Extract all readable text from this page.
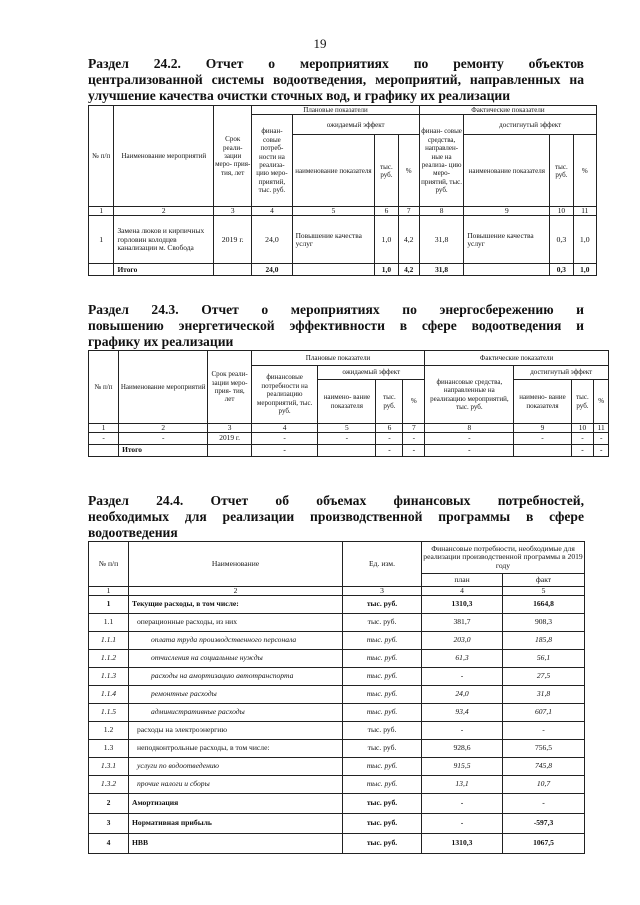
19
Раздел 24.2. Отчет о мероприятиях по ремонту объектов
централизованной системы водоотведения, мероприятий, направленных на
улучшение качества очистки сточных вод, и графику их реализации
№ п/п	Наименование мероприятий	Срок реали- зации меро- прия- тия, лет	Плановые показатели				Фактические показатели			
			финан- совые потреб- ности на реализа- цию меро- приятий, тыс. руб.	ожидаемый эффект			финан- совые средства, направлен- ные на реализа- цию меро- приятий, тыс. руб.	достигнутый эффект		
				наименование показателя	тыс. руб.	%		наименование показателя	тыс. руб.	%
1	2	3	4	5	6	7	8	9	10	11
1	Замена люков и кирпичных горловин колодцев канализации м. Свобода	2019 г.	24,0	Повышение качества услуг	1,0	4,2	31,8	Повышение качества услуг	0,3	1,0
	Итого		24,0		1,0	4,2	31,8		0,3	1,0
Раздел 24.3. Отчет о мероприятиях по энергосбережению и
повышению энергетической эффективности в сфере водоотведения и
графику их реализации
№ п/п	Наименование мероприятий	Срок реали- зации меро- прия- тия, лет	Плановые показатели				Фактические показатели			
			финансовые потребности на реализацию мероприятий, тыс. руб.	ожидаемый эффект			финансовые средства, направленные на реализацию мероприятий, тыс. руб.	достигнутый эффект		
				наимено- вание показателя	тыс. руб.	%		наимено- вание показателя	тыс. руб.	%
1	2	3	4	5	6	7	8	9	10	11
-	-	2019 г.	-	-	-	-	-	-	-	-
	Итого		-		-	-	-		-	-
Раздел 24.4. Отчет об объемах финансовых потребностей,
необходимых для реализации производственной программы в сфере
водоотведения
№ п/п	Наименование	Ед. изм.	Финансовые потребности, необходимые для реализации производственной программы в 2019 году	
			план	факт
1	2	3	4	5
1	Текущие расходы, в том числе:	тыс. руб.	1310,3	1664,8
1.1	операционные расходы, из них	тыс. руб.	381,7	908,3
1.1.1	оплата труда производственного персонала	тыс. руб.	203,0	185,8
1.1.2	отчисления на социальные нужды	тыс. руб.	61,3	56,1
1.1.3	расходы на амортизацию автотранспорта	тыс. руб.	-	27,5
1.1.4	ремонтные расходы	тыс. руб.	24,0	31,8
1.1.5	административные расходы	тыс. руб.	93,4	607,1
1.2	расходы на электроэнергию	тыс. руб.	-	-
1.3	неподконтрольные расходы, в том числе:	тыс. руб.	928,6	756,5
1.3.1	услуги по водоотведению	тыс. руб.	915,5	745,8
1.3.2	прочие налоги и сборы	тыс. руб.	13,1	10,7
2	Амортизация	тыс. руб.	-	-
3	Нормативная прибыль	тыс. руб.	-	-597,3
4	НВВ	тыс. руб.	1310,3	1067,5
